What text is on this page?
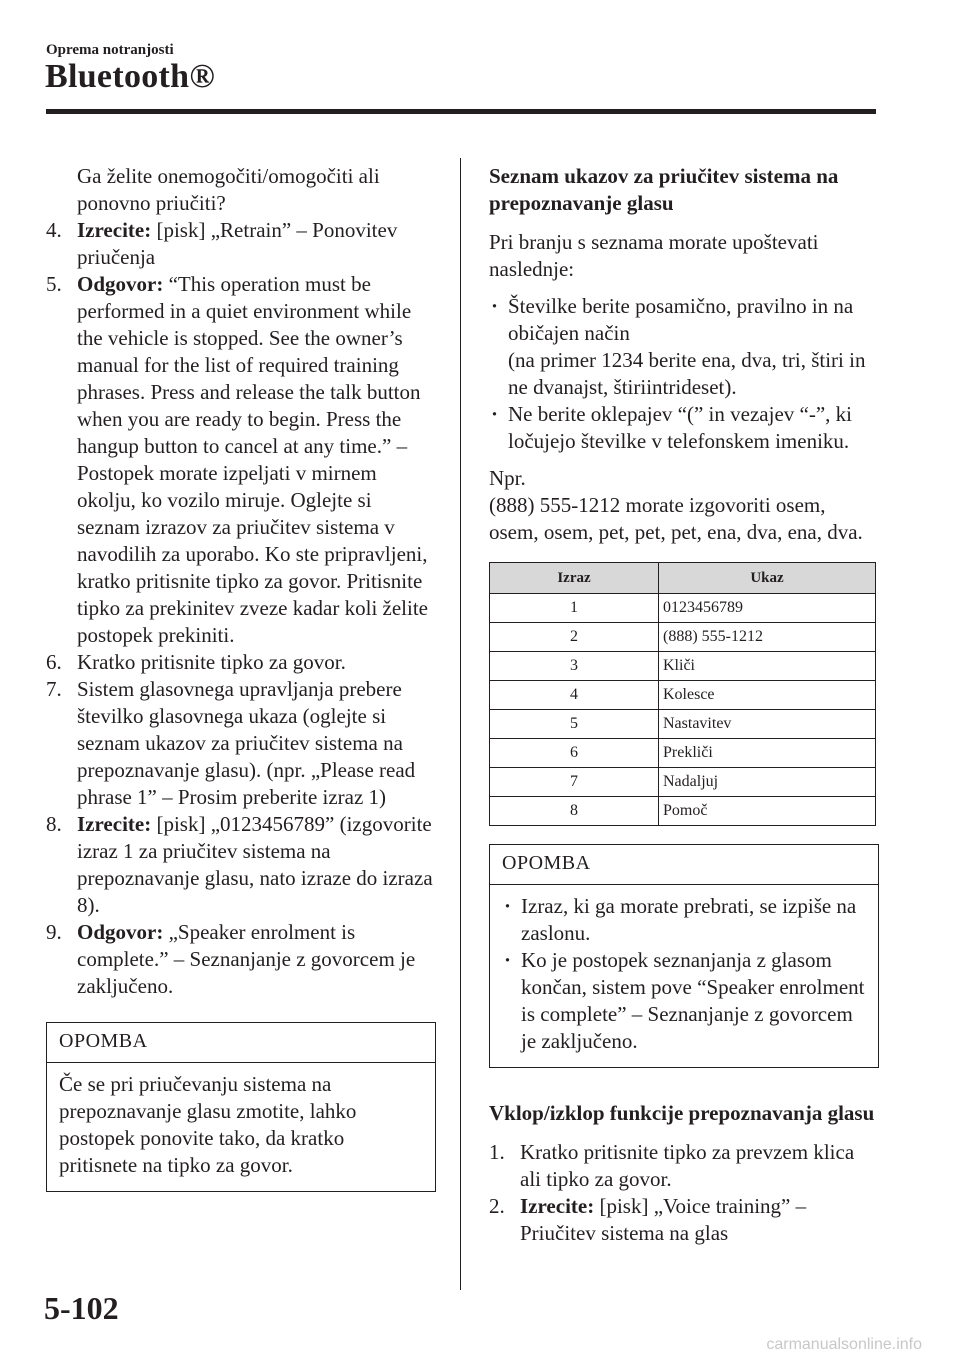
Oprema notranjosti
Bluetooth®
Ga želite onemogočiti/omogočiti ali ponovno priučiti?
4. Izrecite: [pisk] „Retrain” – Ponovitev priučenja
5. Odgovor: “This operation must be performed in a quiet environment while the vehicle is stopped. See the owner’s manual for the list of required training phrases. Press and release the talk button when you are ready to begin. Press the hangup button to cancel at any time.” – Postopek morate izpeljati v mirnem okolju, ko vozilo miruje. Oglejte si seznam izrazov za priučitev sistema v navodilih za uporabo. Ko ste pripravljeni, kratko pritisnite tipko za govor. Pritisnite tipko za prekinitev zveze kadar koli želite postopek prekiniti.
6. Kratko pritisnite tipko za govor.
7. Sistem glasovnega upravljanja prebere številko glasovnega ukaza (oglejte si seznam ukazov za priučitev sistema na prepoznavanje glasu). (npr. „Please read phrase 1” – Prosim preberite izraz 1)
8. Izrecite: [pisk] „0123456789” (izgovorite izraz 1 za priučitev sistema na prepoznavanje glasu, nato izraze do izraza 8).
9. Odgovor: „Speaker enrolment is complete.” – Seznanjanje z govorcem je zaključeno.
OPOMBA
Če se pri priučevanju sistema na prepoznavanje glasu zmotite, lahko postopek ponovite tako, da kratko pritisnete na tipko za govor.
Seznam ukazov za priučitev sistema na prepoznavanje glasu
Pri branju s seznama morate upoštevati naslednje:
· Številke berite posamično, pravilno in na običajen način
(na primer 1234 berite ena, dva, tri, štiri in ne dvanajst, štiriintrideset).
· Ne berite oklepajev “(” in vezajev “-”, ki ločujejo številke v telefonskem imeniku.
Npr.
(888) 555-1212 morate izgovoriti osem, osem, osem, pet, pet, pet, ena, dva, ena, dva.
Izraz	Ukaz
1	0123456789
2	(888) 555-1212
3	Kliči
4	Kolesce
5	Nastavitev
6	Prekliči
7	Nadaljuj
8	Pomoč
OPOMBA
· Izraz, ki ga morate prebrati, se izpiše na zaslonu.
· Ko je postopek seznanjanja z glasom končan, sistem pove “Speaker enrolment is complete” – Seznanjanje z govorcem je zaključeno.
Vklop/izklop funkcije prepoznavanja glasu
1. Kratko pritisnite tipko za prevzem klica ali tipko za govor.
2. Izrecite: [pisk] „Voice training” – Priučitev sistema na glas
5-102
carmanualsonline.info
